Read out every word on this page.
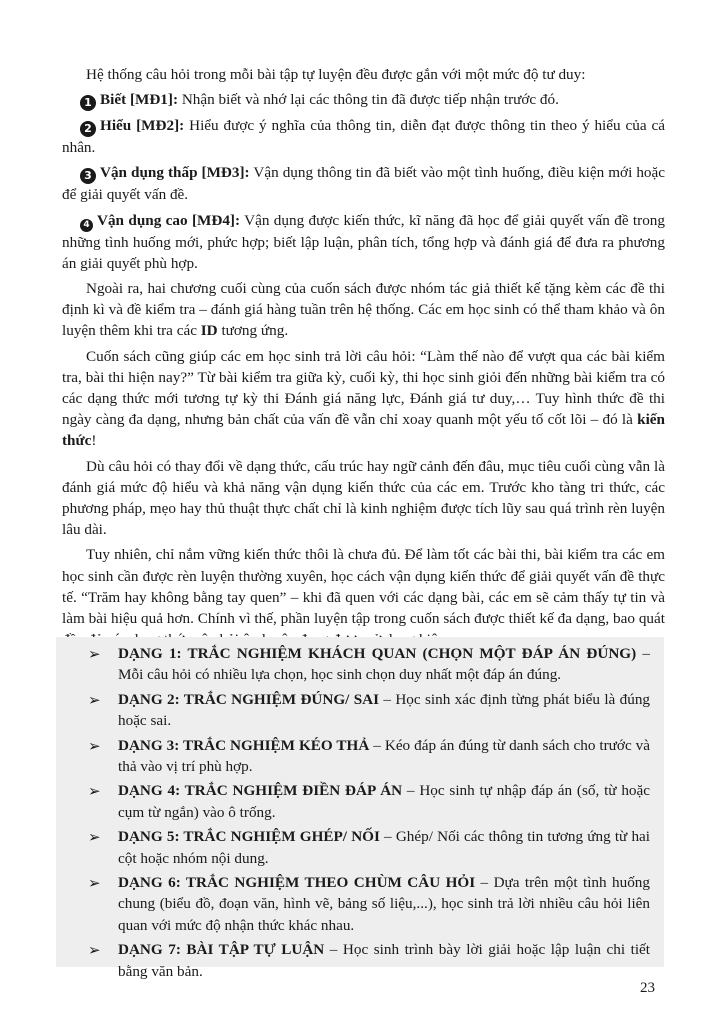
Hệ thống câu hỏi trong mỗi bài tập tự luyện đều được gắn với một mức độ tư duy:

1 Biết [MĐ1]: Nhận biết và nhớ lại các thông tin đã được tiếp nhận trước đó.

2 Hiểu [MĐ2]: Hiểu được ý nghĩa của thông tin, diễn đạt được thông tin theo ý hiểu của cá nhân.

3 Vận dụng thấp [MĐ3]: Vận dụng thông tin đã biết vào một tình huống, điều kiện mới hoặc để giải quyết vấn đề.

4 Vận dụng cao [MĐ4]: Vận dụng được kiến thức, kĩ năng đã học để giải quyết vấn đề trong những tình huống mới, phức hợp; biết lập luận, phân tích, tổng hợp và đánh giá để đưa ra phương án giải quyết phù hợp.

Ngoài ra, hai chương cuối cùng của cuốn sách được nhóm tác giả thiết kế tặng kèm các đề thi định kì và đề kiểm tra – đánh giá hàng tuần trên hệ thống. Các em học sinh có thể tham khảo và ôn luyện thêm khi tra các ID tương ứng.

Cuốn sách cũng giúp các em học sinh trả lời câu hỏi: “Làm thế nào để vượt qua các bài kiểm tra, bài thi hiện nay?” Từ bài kiểm tra giữa kỳ, cuối kỳ, thi học sinh giỏi đến những bài kiểm tra có các dạng thức mới tương tự kỳ thi Đánh giá năng lực, Đánh giá tư duy,… Tuy hình thức đề thi ngày càng đa dạng, nhưng bản chất của vấn đề vẫn chỉ xoay quanh một yếu tố cốt lõi – đó là kiến thức!

Dù câu hỏi có thay đổi về dạng thức, cấu trúc hay ngữ cảnh đến đâu, mục tiêu cuối cùng vẫn là đánh giá mức độ hiểu và khả năng vận dụng kiến thức của các em. Trước kho tàng tri thức, các phương pháp, mẹo hay thủ thuật thực chất chỉ là kinh nghiệm được tích lũy sau quá trình rèn luyện lâu dài.

Tuy nhiên, chỉ nắm vững kiến thức thôi là chưa đủ. Để làm tốt các bài thi, bài kiểm tra các em học sinh cần được rèn luyện thường xuyên, học cách vận dụng kiến thức để giải quyết vấn đề thực tế. “Trăm hay không bằng tay quen” – khi đã quen với các dạng bài, các em sẽ cảm thấy tự tin và làm bài hiệu quả hơn. Chính vì thế, phần luyện tập trong cuốn sách được thiết kế đa dạng, bao quát

➢ DẠNG 1: TRẮC NGHIỆM KHÁCH QUAN (CHỌN MỘT ĐÁP ÁN ĐÚNG) – Mỗi câu hỏi có nhiều lựa chọn, học sinh chọn duy nhất một đáp án đúng.
➢ DẠNG 2: TRẮC NGHIỆM ĐÚNG/ SAI – Học sinh xác định từng phát biểu là đúng hoặc sai.
➢ DẠNG 3: TRẮC NGHIỆM KÉO THẢ – Kéo đáp án đúng từ danh sách cho trước và thả vào vị trí phù hợp.
➢ DẠNG 4: TRẮC NGHIỆM ĐIỀN ĐÁP ÁN – Học sinh tự nhập đáp án (số, từ hoặc cụm từ ngắn) vào ô trống.
➢ DẠNG 5: TRẮC NGHIỆM GHÉP/ NỐI – Ghép/ Nối các thông tin tương ứng từ hai cột hoặc nhóm nội dung.
➢ DẠNG 6: TRẮC NGHIỆM THEO CHÙM CÂU HỎI – Dựa trên một tình huống chung (biểu đồ, đoạn văn, hình vẽ, bảng số liệu,...), học sinh trả lời nhiều câu hỏi liên quan với mức độ nhận thức khác nhau.
➢ DẠNG 7: BÀI TẬP TỰ LUẬN – Học sinh trình bày lời giải hoặc lập luận chi tiết bằng văn bản.
23
